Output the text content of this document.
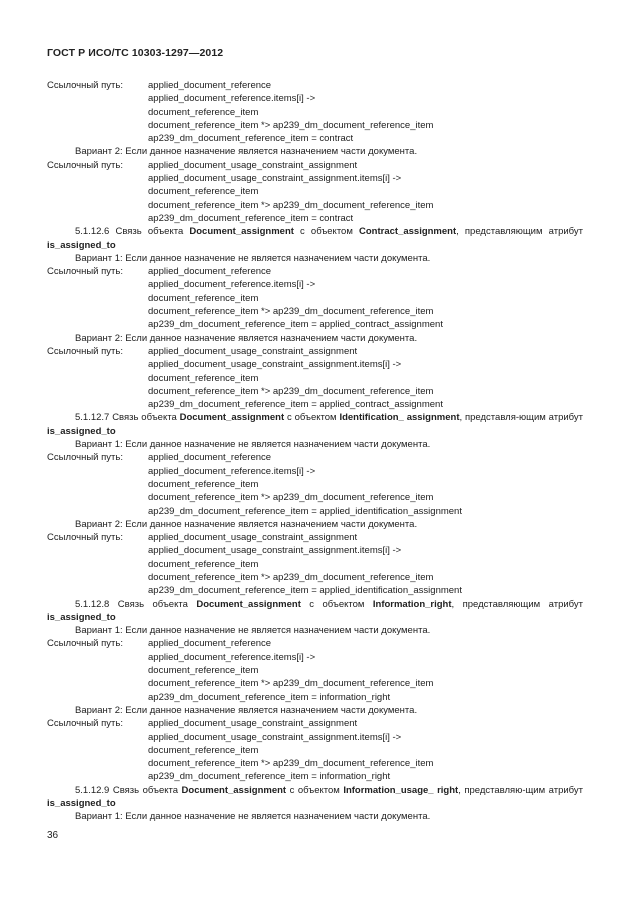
ГОСТ Р ИСО/ТС 10303-1297—2012
Ссылочный путь:	applied_document_reference
applied_document_reference.items[i] ->
document_reference_item
document_reference_item *> ap239_dm_document_reference_item
ap239_dm_document_reference_item = contract
Вариант 2: Если данное назначение является назначением части документа.
Ссылочный путь:	applied_document_usage_constraint_assignment
applied_document_usage_constraint_assignment.items[i] ->
document_reference_item
document_reference_item *> ap239_dm_document_reference_item
ap239_dm_document_reference_item = contract
5.1.12.6 Связь объекта Document_assignment с объектом Contract_assignment, представляющим атрибут is_assigned_to
Вариант 1: Если данное назначение не является назначением части документа.
Ссылочный путь:	applied_document_reference
applied_document_reference.items[i] ->
document_reference_item
document_reference_item *> ap239_dm_document_reference_item
ap239_dm_document_reference_item = applied_contract_assignment
Вариант 2: Если данное назначение является назначением части документа.
Ссылочный путь:	applied_document_usage_constraint_assignment
applied_document_usage_constraint_assignment.items[i] ->
document_reference_item
document_reference_item *> ap239_dm_document_reference_item
ap239_dm_document_reference_item = applied_contract_assignment
5.1.12.7 Связь объекта Document_assignment с объектом Identification_ assignment, представля-ющим атрибут is_assigned_to
Вариант 1: Если данное назначение не является назначением части документа.
Ссылочный путь:	applied_document_reference
applied_document_reference.items[i] ->
document_reference_item
document_reference_item *> ap239_dm_document_reference_item
ap239_dm_document_reference_item = applied_identification_assignment
Вариант 2: Если данное назначение является назначением части документа.
Ссылочный путь:	applied_document_usage_constraint_assignment
applied_document_usage_constraint_assignment.items[i] ->
document_reference_item
document_reference_item *> ap239_dm_document_reference_item
ap239_dm_document_reference_item = applied_identification_assignment
5.1.12.8 Связь объекта Document_assignment с объектом Information_right, представляющим атрибут is_assigned_to
Вариант 1: Если данное назначение не является назначением части документа.
Ссылочный путь:	applied_document_reference
applied_document_reference.items[i] ->
document_reference_item
document_reference_item *> ap239_dm_document_reference_item
ap239_dm_document_reference_item = information_right
Вариант 2: Если данное назначение является назначением части документа.
Ссылочный путь:	applied_document_usage_constraint_assignment
applied_document_usage_constraint_assignment.items[i] ->
document_reference_item
document_reference_item *> ap239_dm_document_reference_item
ap239_dm_document_reference_item = information_right
5.1.12.9 Связь объекта Document_assignment с объектом Information_usage_ right, представляю-щим атрибут is_assigned_to
Вариант 1: Если данное назначение не является назначением части документа.
36
